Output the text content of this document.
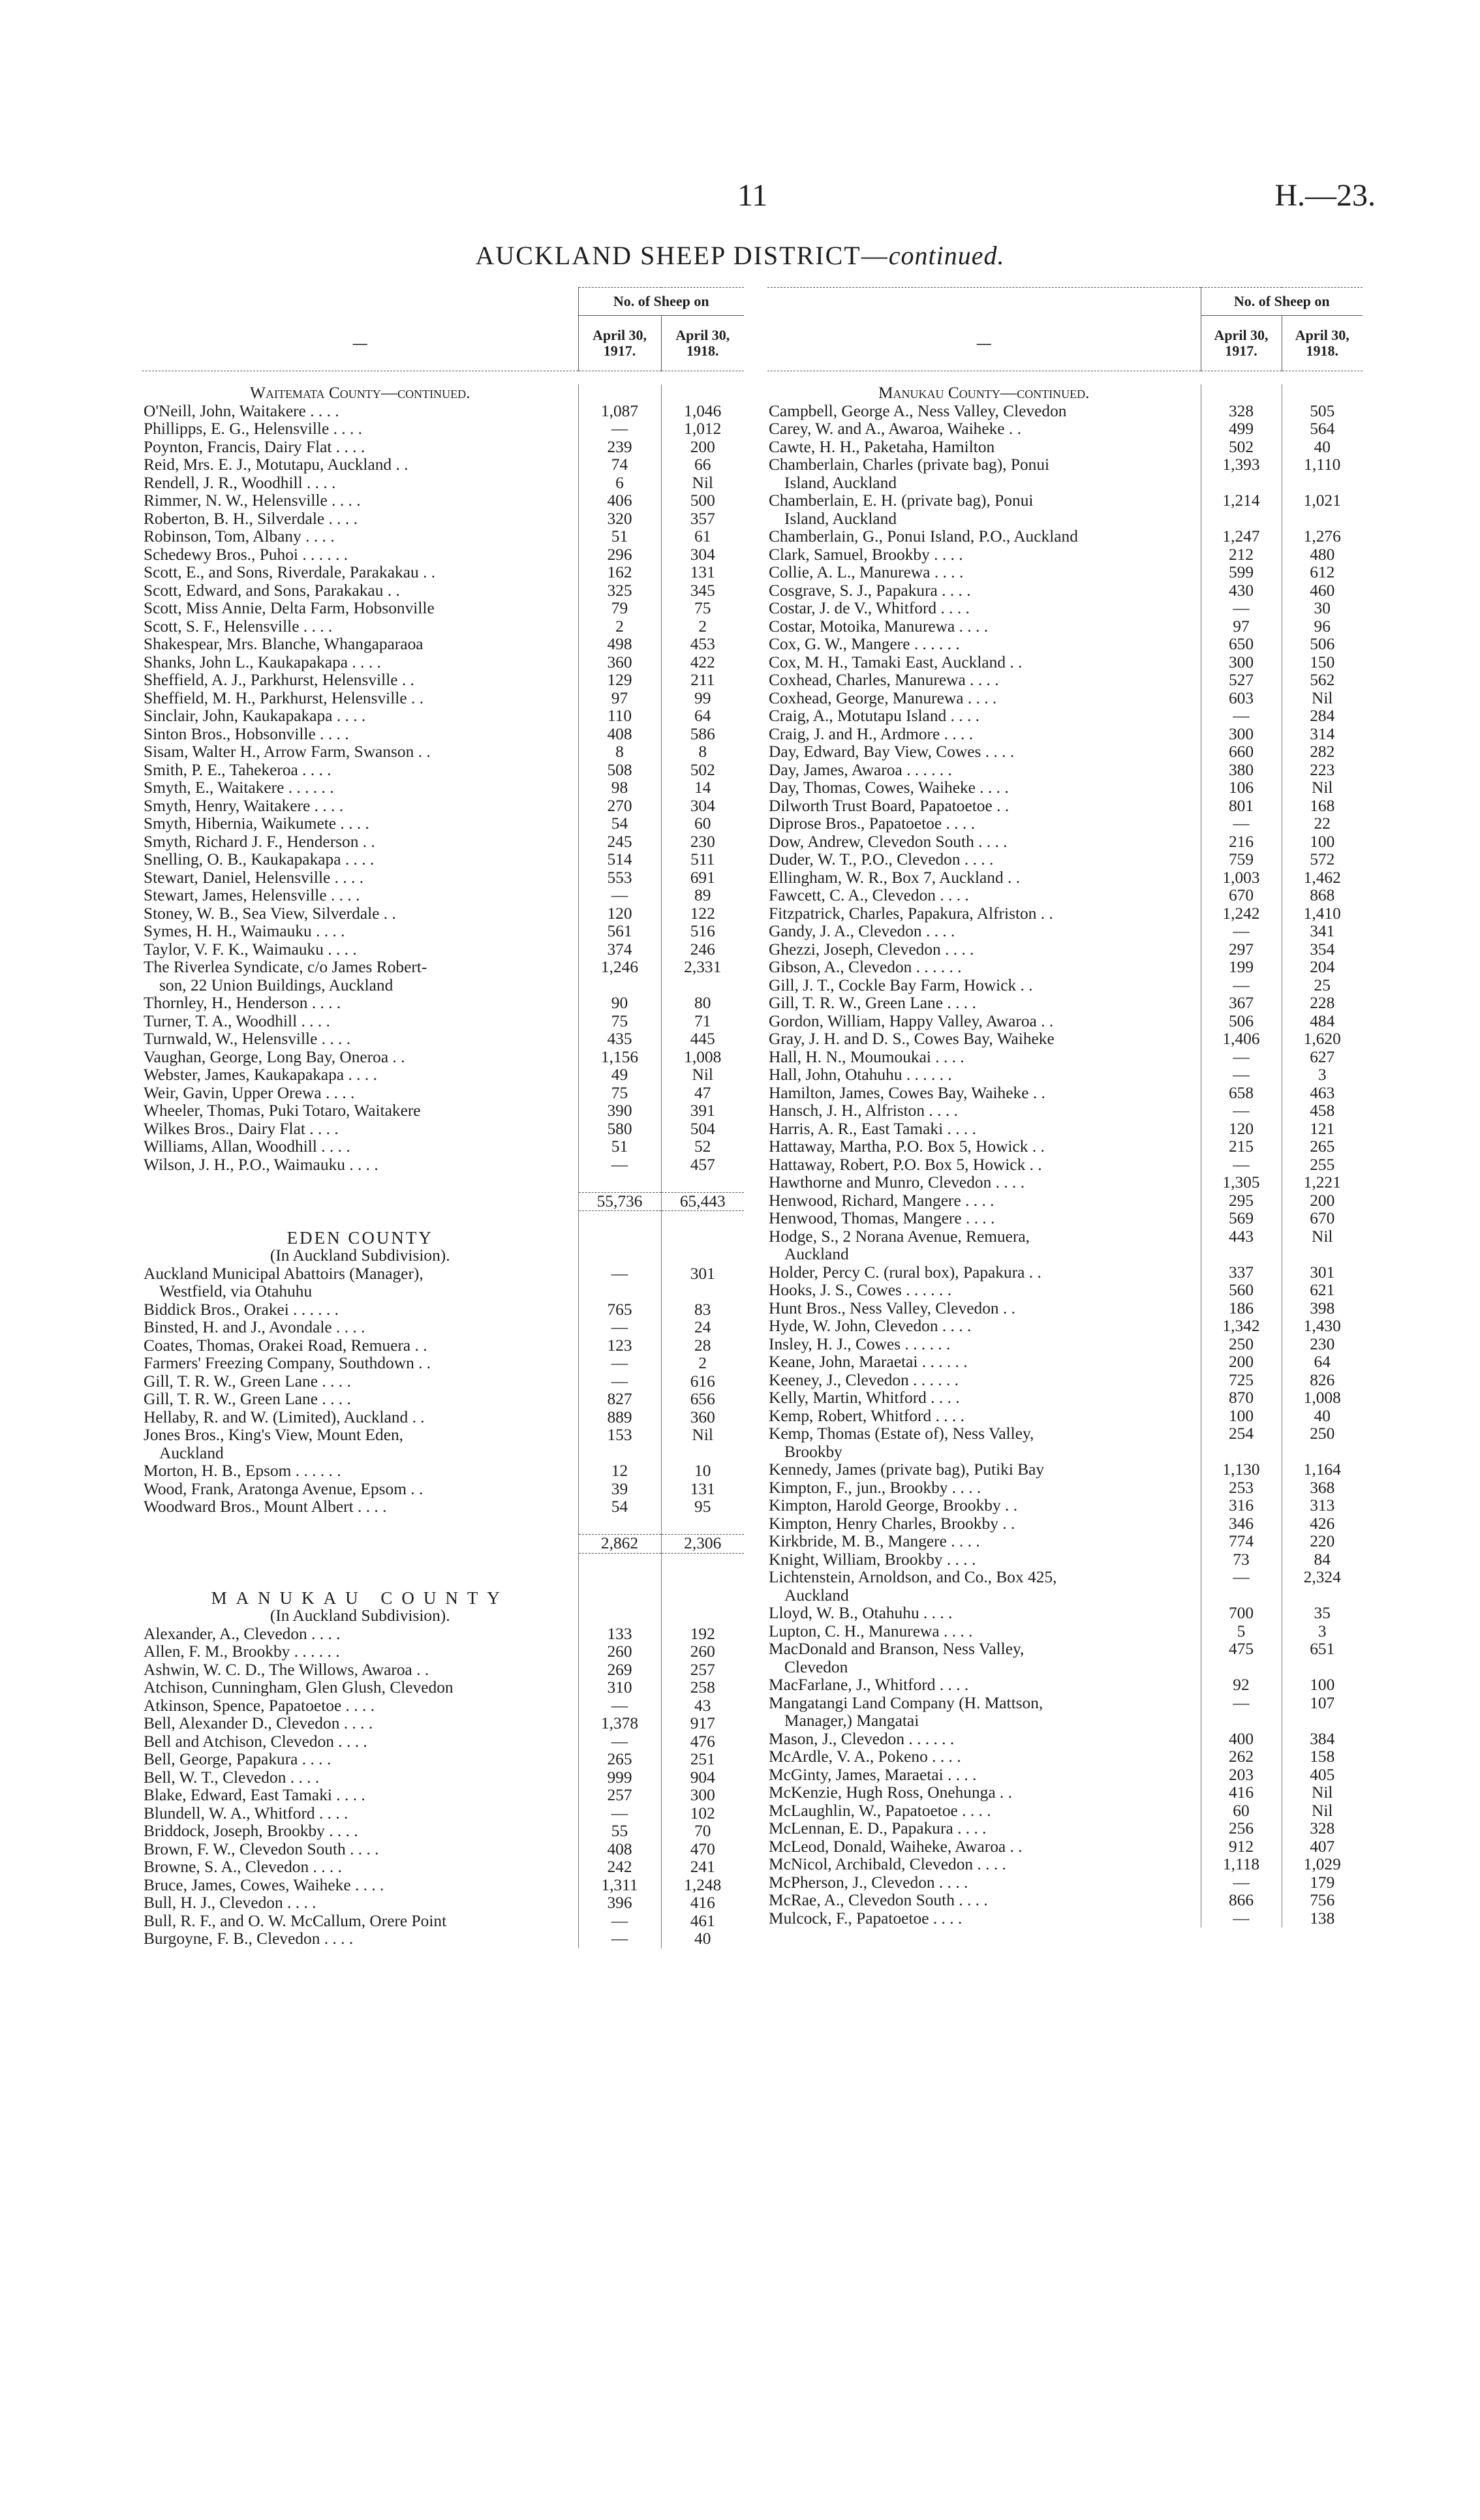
11	H.—23.
AUCKLAND SHEEP DISTRICT—continued.
	No. of Sheep on	
—	April 30, 1917.	April 30, 1918.
Waitemata County—continued.		
O'Neill, John, Waitakere . . . .	1,087	1,046
Phillipps, E. G., Helensville . . . .	—	1,012
Poynton, Francis, Dairy Flat . . . .	239	200
Reid, Mrs. E. J., Motutapu, Auckland . .	74	66
Rendell, J. R., Woodhill . . . .	6	Nil
Rimmer, N. W., Helensville . . . .	406	500
Roberton, B. H., Silverdale . . . .	320	357
Robinson, Tom, Albany . . . .	51	61
Schedewy Bros., Puhoi . . . . . .	296	304
Scott, E., and Sons, Riverdale, Parakakau . .	162	131
Scott, Edward, and Sons, Parakakau . .	325	345
Scott, Miss Annie, Delta Farm, Hobsonville	79	75
Scott, S. F., Helensville . . . .	2	2
Shakespear, Mrs. Blanche, Whangaparaoa	498	453
Shanks, John L., Kaukapakapa . . . .	360	422
Sheffield, A. J., Parkhurst, Helensville . .	129	211
Sheffield, M. H., Parkhurst, Helensville . .	97	99
Sinclair, John, Kaukapakapa . . . .	110	64
Sinton Bros., Hobsonville . . . .	408	586
Sisam, Walter H., Arrow Farm, Swanson . .	8	8
Smith, P. E., Tahekeroa . . . .	508	502
Smyth, E., Waitakere . . . . . .	98	14
Smyth, Henry, Waitakere . . . .	270	304
Smyth, Hibernia, Waikumete . . . .	54	60
Smyth, Richard J. F., Henderson . .	245	230
Snelling, O. B., Kaukapakapa . . . .	514	511
Stewart, Daniel, Helensville . . . .	553	691
Stewart, James, Helensville . . . .	—	89
Stoney, W. B., Sea View, Silverdale . .	120	122
Symes, H. H., Waimauku . . . .	561	516
Taylor, V. F. K., Waimauku . . . .	374	246
The Riverlea Syndicate, c/o James Robert-	1,246	2,331
son, 22 Union Buildings, Auckland		
Thornley, H., Henderson . . . .	90	80
Turner, T. A., Woodhill . . . .	75	71
Turnwald, W., Helensville . . . .	435	445
Vaughan, George, Long Bay, Oneroa . .	1,156	1,008
Webster, James, Kaukapakapa . . . .	49	Nil
Weir, Gavin, Upper Orewa . . . .	75	47
Wheeler, Thomas, Puki Totaro, Waitakere	390	391
Wilkes Bros., Dairy Flat . . . .	580	504
Williams, Allan, Woodhill . . . .	51	52
Wilson, J. H., P.O., Waimauku . . . .	—	457

	55,736	65,443

EDEN COUNTY		
(In Auckland Subdivision).		
Auckland Municipal Abattoirs (Manager),	—	301
Westfield, via Otahuhu		
Biddick Bros., Orakei . . . . . .	765	83
Binsted, H. and J., Avondale . . . .	—	24
Coates, Thomas, Orakei Road, Remuera . .	123	28
Farmers' Freezing Company, Southdown . .	—	2
Gill, T. R. W., Green Lane . . . .	—	616
Gill, T. R. W., Green Lane . . . .	827	656
Hellaby, R. and W. (Limited), Auckland . .	889	360
Jones Bros., King's View, Mount Eden,	153	Nil
Auckland		
Morton, H. B., Epsom . . . . . .	12	10
Wood, Frank, Aratonga Avenue, Epsom . .	39	131
Woodward Bros., Mount Albert . . . .	54	95

	2,862	2,306

MANUKAU COUNTY		
(In Auckland Subdivision).		
Alexander, A., Clevedon . . . .	133	192
Allen, F. M., Brookby . . . . . .	260	260
Ashwin, W. C. D., The Willows, Awaroa . .	269	257
Atchison, Cunningham, Glen Glush, Clevedon	310	258
Atkinson, Spence, Papatoetoe . . . .	—	43
Bell, Alexander D., Clevedon . . . .	1,378	917
Bell and Atchison, Clevedon . . . .	—	476
Bell, George, Papakura . . . .	265	251
Bell, W. T., Clevedon . . . .	999	904
Blake, Edward, East Tamaki . . . .	257	300
Blundell, W. A., Whitford . . . .	—	102
Briddock, Joseph, Brookby . . . .	55	70
Brown, F. W., Clevedon South . . . .	408	470
Browne, S. A., Clevedon . . . .	242	241
Bruce, James, Cowes, Waiheke . . . .	1,311	1,248
Bull, H. J., Clevedon . . . .	396	416
Bull, R. F., and O. W. McCallum, Orere Point	—	461
Burgoyne, F. B., Clevedon . . . .	—	40
	No. of Sheep on	
—	April 30, 1917.	April 30, 1918.
Manukau County—continued.		
Campbell, George A., Ness Valley, Clevedon	328	505
Carey, W. and A., Awaroa, Waiheke . .	499	564
Cawte, H. H., Paketaha, Hamilton	502	40
Chamberlain, Charles (private bag), Ponui	1,393	1,110
Island, Auckland		
Chamberlain, E. H. (private bag), Ponui	1,214	1,021
Island, Auckland		
Chamberlain, G., Ponui Island, P.O., Auckland	1,247	1,276
Clark, Samuel, Brookby . . . .	212	480
Collie, A. L., Manurewa . . . .	599	612
Cosgrave, S. J., Papakura . . . .	430	460
Costar, J. de V., Whitford . . . .	—	30
Costar, Motoika, Manurewa . . . .	97	96
Cox, G. W., Mangere . . . . . .	650	506
Cox, M. H., Tamaki East, Auckland . .	300	150
Coxhead, Charles, Manurewa . . . .	527	562
Coxhead, George, Manurewa . . . .	603	Nil
Craig, A., Motutapu Island . . . .	—	284
Craig, J. and H., Ardmore . . . .	300	314
Day, Edward, Bay View, Cowes . . . .	660	282
Day, James, Awaroa . . . . . .	380	223
Day, Thomas, Cowes, Waiheke . . . .	106	Nil
Dilworth Trust Board, Papatoetoe . .	801	168
Diprose Bros., Papatoetoe . . . .	—	22
Dow, Andrew, Clevedon South . . . .	216	100
Duder, W. T., P.O., Clevedon . . . .	759	572
Ellingham, W. R., Box 7, Auckland . .	1,003	1,462
Fawcett, C. A., Clevedon . . . .	670	868
Fitzpatrick, Charles, Papakura, Alfriston . .	1,242	1,410
Gandy, J. A., Clevedon . . . .	—	341
Ghezzi, Joseph, Clevedon . . . .	297	354
Gibson, A., Clevedon . . . . . .	199	204
Gill, J. T., Cockle Bay Farm, Howick . .	—	25
Gill, T. R. W., Green Lane . . . .	367	228
Gordon, William, Happy Valley, Awaroa . .	506	484
Gray, J. H. and D. S., Cowes Bay, Waiheke	1,406	1,620
Hall, H. N., Moumoukai . . . .	—	627
Hall, John, Otahuhu . . . . . .	—	3
Hamilton, James, Cowes Bay, Waiheke . .	658	463
Hansch, J. H., Alfriston . . . .	—	458
Harris, A. R., East Tamaki . . . .	120	121
Hattaway, Martha, P.O. Box 5, Howick . .	215	265
Hattaway, Robert, P.O. Box 5, Howick . .	—	255
Hawthorne and Munro, Clevedon . . . .	1,305	1,221
Henwood, Richard, Mangere . . . .	295	200
Henwood, Thomas, Mangere . . . .	569	670
Hodge, S., 2 Norana Avenue, Remuera,	443	Nil
Auckland		
Holder, Percy C. (rural box), Papakura . .	337	301
Hooks, J. S., Cowes . . . . . .	560	621
Hunt Bros., Ness Valley, Clevedon . .	186	398
Hyde, W. John, Clevedon . . . .	1,342	1,430
Insley, H. J., Cowes . . . . . .	250	230
Keane, John, Maraetai . . . . . .	200	64
Keeney, J., Clevedon . . . . . .	725	826
Kelly, Martin, Whitford . . . .	870	1,008
Kemp, Robert, Whitford . . . .	100	40
Kemp, Thomas (Estate of), Ness Valley,	254	250
Brookby		
Kennedy, James (private bag), Putiki Bay	1,130	1,164
Kimpton, F., jun., Brookby . . . .	253	368
Kimpton, Harold George, Brookby . .	316	313
Kimpton, Henry Charles, Brookby . .	346	426
Kirkbride, M. B., Mangere . . . .	774	220
Knight, William, Brookby . . . .	73	84
Lichtenstein, Arnoldson, and Co., Box 425,	—	2,324
Auckland		
Lloyd, W. B., Otahuhu . . . .	700	35
Lupton, C. H., Manurewa . . . .	5	3
MacDonald and Branson, Ness Valley,	475	651
Clevedon		
MacFarlane, J., Whitford . . . .	92	100
Mangatangi Land Company (H. Mattson,	—	107
Manager,) Mangatai		
Mason, J., Clevedon . . . . . .	400	384
McArdle, V. A., Pokeno . . . .	262	158
McGinty, James, Maraetai . . . .	203	405
McKenzie, Hugh Ross, Onehunga . .	416	Nil
McLaughlin, W., Papatoetoe . . . .	60	Nil
McLennan, E. D., Papakura . . . .	256	328
McLeod, Donald, Waiheke, Awaroa . .	912	407
McNicol, Archibald, Clevedon . . . .	1,118	1,029
McPherson, J., Clevedon . . . .	—	179
McRae, A., Clevedon South . . . .	866	756
Mulcock, F., Papatoetoe . . . .	—	138
